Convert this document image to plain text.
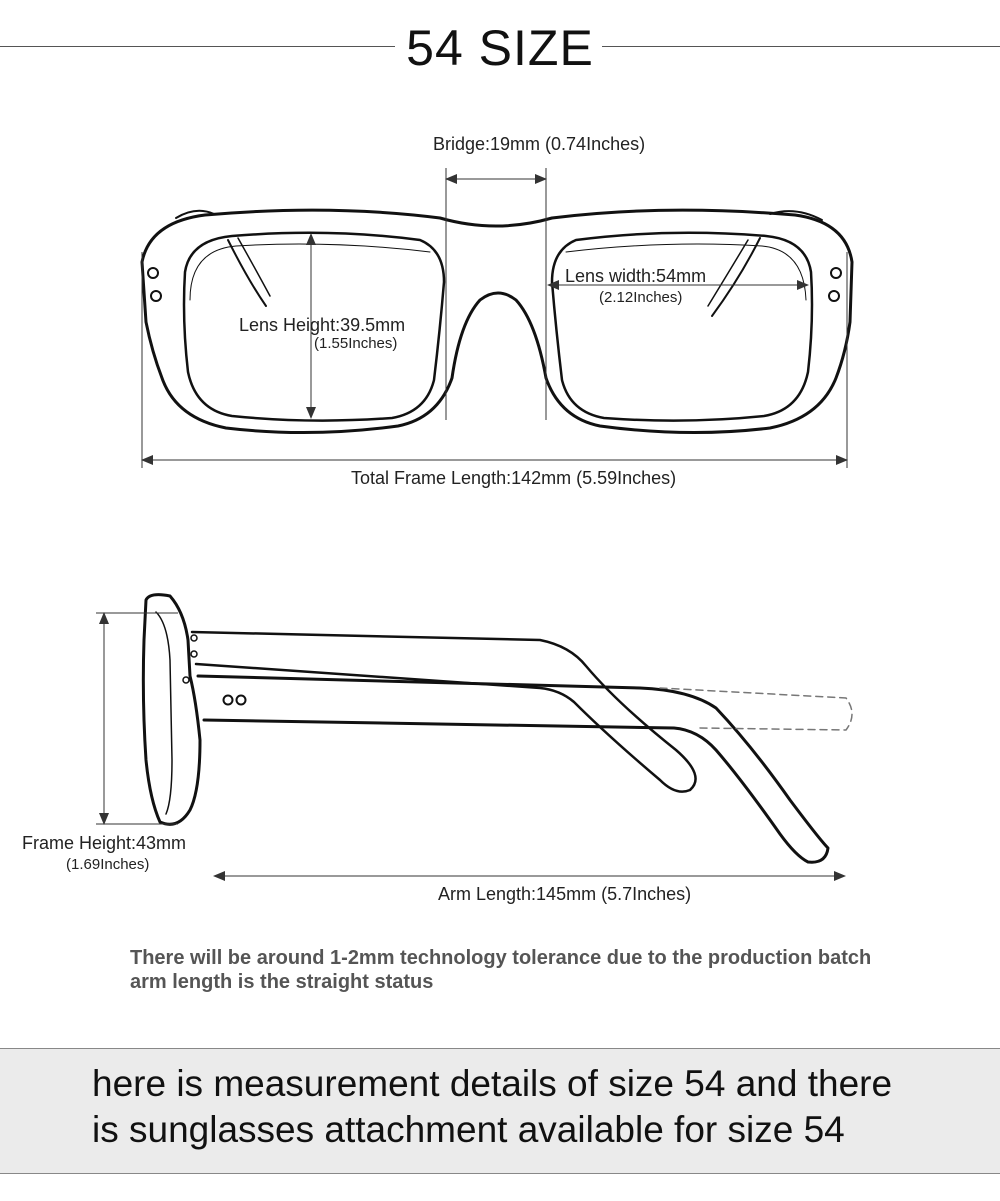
54 SIZE
Bridge:19mm (0.74Inches)
Lens width:54mm
(2.12Inches)
Lens Height:39.5mm
(1.55Inches)
Total Frame Length:142mm (5.59Inches)
Frame Height:43mm
(1.69Inches)
Arm Length:145mm (5.7Inches)
There will be around 1-2mm technology tolerance due to the production batch
arm length is the straight status
here is measurement details of size 54 and there
is sunglasses attachment available for size 54
